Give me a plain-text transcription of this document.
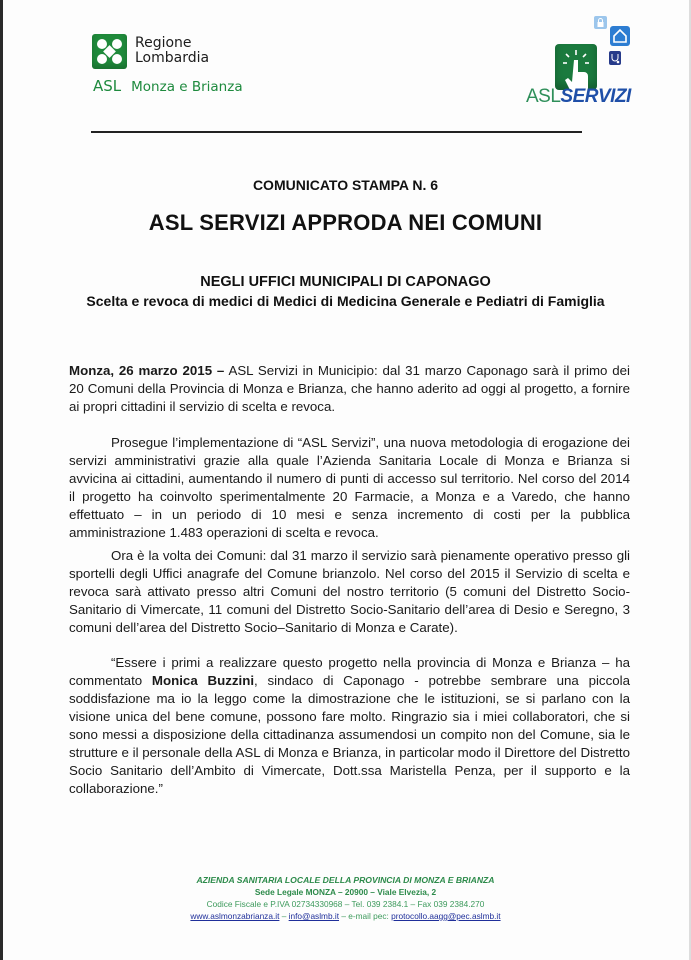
Regione
Lombardia
ASL Monza e Brianza	ASLSERVIZI
COMUNICATO STAMPA N. 6
ASL SERVIZI APPRODA NEI COMUNI
NEGLI UFFICI MUNICIPALI DI CAPONAGO
Scelta e revoca di medici di Medici di Medicina Generale e Pediatri di Famiglia
Monza, 26 marzo 2015 – ASL Servizi in Municipio: dal 31 marzo Caponago sarà il primo dei 20 Comuni della Provincia di Monza e Brianza, che hanno aderito ad oggi al progetto, a fornire ai propri cittadini il servizio di scelta e revoca.
Prosegue l’implementazione di “ASL Servizi”, una nuova metodologia di erogazione dei servizi amministrativi grazie alla quale l’Azienda Sanitaria Locale di Monza e Brianza si avvicina ai cittadini, aumentando il numero di punti di accesso sul territorio. Nel corso del 2014 il progetto ha coinvolto sperimentalmente 20 Farmacie, a Monza e a Varedo, che hanno effettuato – in un periodo di 10 mesi e senza incremento di costi per la pubblica amministrazione 1.483 operazioni di scelta e revoca.
Ora è la volta dei Comuni: dal 31 marzo il servizio sarà pienamente operativo presso gli sportelli degli Uffici anagrafe del Comune brianzolo. Nel corso del 2015 il Servizio di scelta e revoca sarà attivato presso altri Comuni del nostro territorio (5 comuni del Distretto Socio-Sanitario di Vimercate, 11 comuni del Distretto Socio-Sanitario dell’area di Desio e Seregno, 3 comuni dell’area del Distretto Socio–Sanitario di Monza e Carate).
“Essere i primi a realizzare questo progetto nella provincia di Monza e Brianza – ha commentato Monica Buzzini, sindaco di Caponago - potrebbe sembrare una piccola soddisfazione ma io la leggo come la dimostrazione che le istituzioni, se si parlano con la visione unica del bene comune, possono fare molto. Ringrazio sia i miei collaboratori, che si sono messi a disposizione della cittadinanza assumendosi un compito non del Comune, sia le strutture e il personale della ASL di Monza e Brianza, in particolar modo il Direttore del Distretto Socio Sanitario dell’Ambito di Vimercate, Dott.ssa Maristella Penza, per il supporto e la collaborazione.”
AZIENDA SANITARIA LOCALE DELLA PROVINCIA DI MONZA E BRIANZA
Sede Legale MONZA – 20900 – Viale Elvezia, 2
Codice Fiscale e P.IVA 02734330968 – Tel. 039 2384.1 – Fax 039 2384.270
www.aslmonzabrianza.it – info@aslmb.it – e-mail pec: protocollo.aagg@pec.aslmb.it
